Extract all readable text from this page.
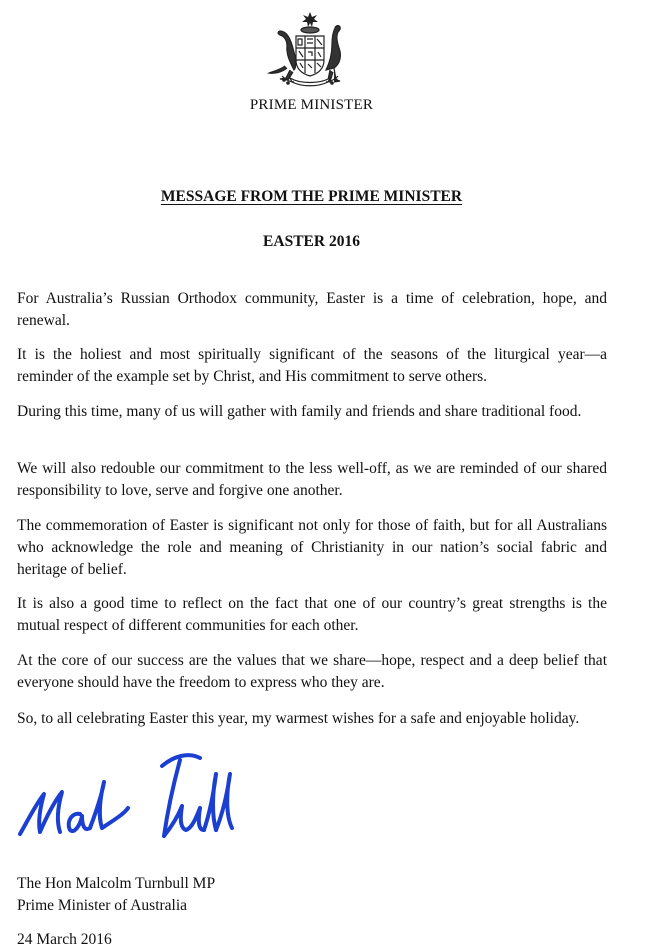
PRIME MINISTER
MESSAGE FROM THE PRIME MINISTER
EASTER 2016

For Australia’s Russian Orthodox community, Easter is a time of celebration, hope, and renewal.

It is the holiest and most spiritually significant of the seasons of the liturgical year—a reminder of the example set by Christ, and His commitment to serve others.

During this time, many of us will gather with family and friends and share traditional food.

We will also redouble our commitment to the less well-off, as we are reminded of our shared responsibility to love, serve and forgive one another.

The commemoration of Easter is significant not only for those of faith, but for all Australians who acknowledge the role and meaning of Christianity in our nation’s social fabric and heritage of belief.

It is also a good time to reflect on the fact that one of our country’s great strengths is the mutual respect of different communities for each other.

At the core of our success are the values that we share—hope, respect and a deep belief that everyone should have the freedom to express who they are.

So, to all celebrating Easter this year, my warmest wishes for a safe and enjoyable holiday.

The Hon Malcolm Turnbull MP
Prime Minister of Australia
24 March 2016
